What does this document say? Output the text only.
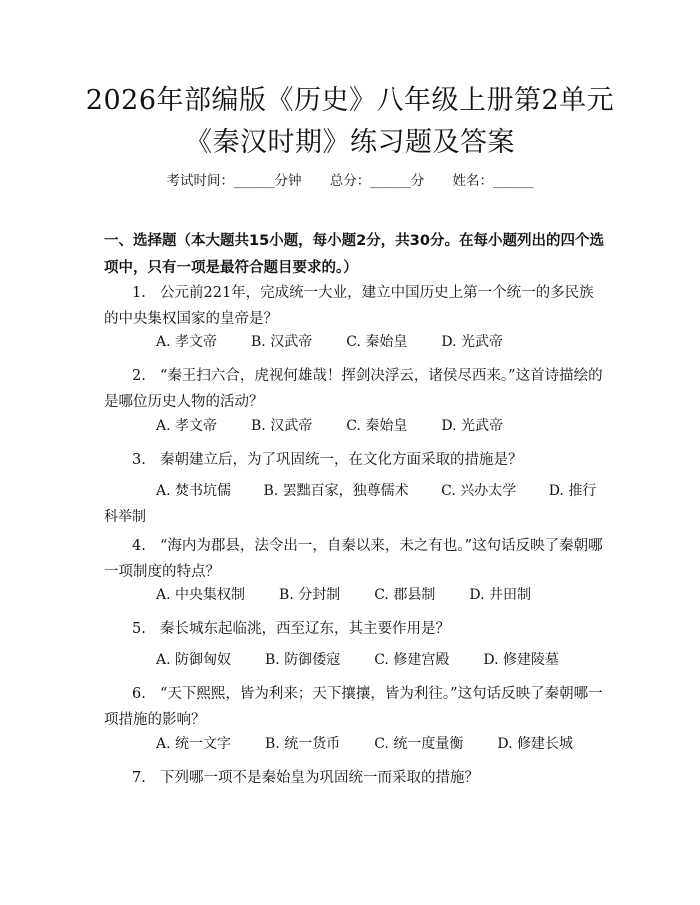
2026年部编版《历史》八年级上册第2单元
《秦汉时期》练习题及答案
考试时间：______分钟 总分：______分 姓名：______
一、选择题（本大题共15小题，每小题2分，共30分。在每小题列出的四个选项中，只有一项是最符合题目要求的。）
1. 公元前221年，完成统一大业，建立中国历史上第一个统一的多民族的中央集权国家的皇帝是？
A. 孝文帝 B. 汉武帝 C. 秦始皇 D. 光武帝
2. “秦王扫六合，虎视何雄哉！挥剑决浮云，诸侯尽西来。”这首诗描绘的是哪位历史人物的活动？
A. 孝文帝 B. 汉武帝 C. 秦始皇 D. 光武帝
3. 秦朝建立后，为了巩固统一，在文化方面采取的措施是？
A. 焚书坑儒 B. 罢黜百家，独尊儒术 C. 兴办太学 D. 推行科举制
4. “海内为郡县，法令出一，自秦以来，未之有也。”这句话反映了秦朝哪一项制度的特点？
A. 中央集权制 B. 分封制 C. 郡县制 D. 井田制
5. 秦长城东起临洮，西至辽东，其主要作用是？
A. 防御匈奴 B. 防御倭寇 C. 修建宫殿 D. 修建陵墓
6. “天下熙熙，皆为利来；天下攘攘，皆为利往。”这句话反映了秦朝哪一项措施的影响？
A. 统一文字 B. 统一货币 C. 统一度量衡 D. 修建长城
7. 下列哪一项不是秦始皇为巩固统一而采取的措施？
